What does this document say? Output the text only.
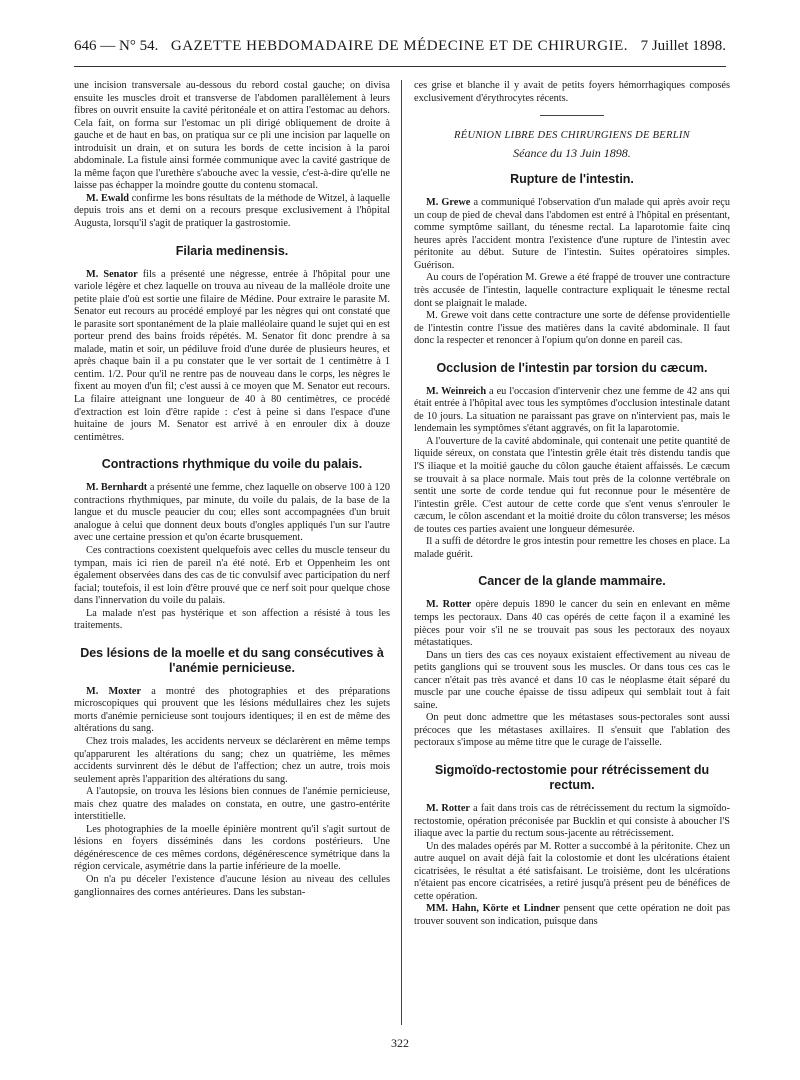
646 — N° 54. GAZETTE HEBDOMADAIRE DE MÉDECINE ET DE CHIRURGIE. 7 Juillet 1898.

une incision transversale au-dessous du rebord costal gauche; on divisa ensuite les muscles droit et transverse de l'abdomen parallèlement à leurs fibres on ouvrit ensuite la cavité péritonéale et on attira l'estomac au dehors. Cela fait, on forma sur l'estomac un pli dirigé obliquement de droite à gauche et de haut en bas, on pratiqua sur ce pli une incision par laquelle on introduisit un drain, et on sutura les bords de cette incision à la paroi abdominale. La fistule ainsi formée communique avec la cavité gastrique de la même façon que l'urethère s'abouche avec la vessie, c'est-à-dire qu'elle ne laisse pas échapper la moindre goutte du contenu stomacal.

M. Ewald confirme les bons résultats de la méthode de Witzel, à laquelle depuis trois ans et demi on a recours presque exclusivement à l'hôpital Augusta, lorsqu'il s'agit de pratiquer la gastrostomie.

Filaria medinensis.

M. Senator fils a présenté une négresse, entrée à l'hôpital pour une variole légère et chez laquelle on trouva au niveau de la malléole droite une petite plaie d'où est sortie une filaire de Médine. Pour extraire le parasite M. Senator eut recours au procédé employé par les nègres qui ont constaté que le parasite sort spontanément de la plaie malléolaire quand le sujet qui en est porteur prend des bains froids répétés. M. Senator fit donc prendre à sa malade, matin et soir, un pédiluve froid d'une durée de plusieurs heures, et après chaque bain il a pu constater que le ver sortait de 1 centimètre à 1 centim. 1/2. Pour qu'il ne rentre pas de nouveau dans le corps, les nègres le fixent au moyen d'un fil; c'est aussi à ce moyen que M. Senator eut recours. La filaire atteignant une longueur de 40 à 80 centimètres, ce procédé d'extraction est loin d'être rapide : c'est à peine si dans l'espace d'une huitaine de jours M. Senator est arrivé à en enrouler dix à douze centimètres.

Contractions rhythmique du voile du palais.

M. Bernhardt a présenté une femme, chez laquelle on observe 100 à 120 contractions rhythmiques, par minute, du voile du palais, de la base de la langue et du muscle peaucier du cou; elles sont accompagnées d'un bruit analogue à celui que donnent deux bouts d'ongles appliqués l'un sur l'autre avec une certaine pression et qu'on écarte brusquement.

Ces contractions coexistent quelquefois avec celles du muscle tenseur du tympan, mais ici rien de pareil n'a été noté. Erb et Oppenheim les ont également observées dans des cas de tic convulsif avec participation du nerf facial; toutefois, il est loin d'être prouvé que ce nerf soit pour quelque chose dans l'innervation du voile du palais.

La malade n'est pas hystérique et son affection a résisté à tous les traitements.

Des lésions de la moelle et du sang consécutives à l'anémie pernicieuse.

M. Moxter a montré des photographies et des préparations microscopiques qui prouvent que les lésions médullaires chez les sujets morts d'anémie pernicieuse sont toujours identiques; il en est de même des altérations du sang.

Chez trois malades, les accidents nerveux se déclarèrent en même temps qu'apparurent les altérations du sang; chez un quatrième, les mêmes accidents survinrent dès le début de l'affection; chez un autre, trois mois seulement après l'apparition des altérations du sang.

A l'autopsie, on trouva les lésions bien connues de l'anémie pernicieuse, mais chez quatre des malades on constata, en outre, une gastro-entérite interstitielle.

Les photographies de la moelle épinière montrent qu'il s'agit surtout de lésions en foyers disséminés dans les cordons postérieurs. Une dégénérescence de ces mêmes cordons, dégénérescence symétrique dans la région cervicale, asymétrie dans la partie inférieure de la moelle.

On n'a pu déceler l'existence d'aucune lésion au niveau des cellules ganglionnaires des cornes antérieures. Dans les substan-

ces grise et blanche il y avait de petits foyers hémorrhagiques composés exclusivement d'érythrocytes récents.

RÉUNION LIBRE DES CHIRURGIENS DE BERLIN
Séance du 13 Juin 1898.
Rupture de l'intestin.

M. Grewe a communiqué l'observation d'un malade qui après avoir reçu un coup de pied de cheval dans l'abdomen est entré à l'hôpital en présentant, comme symptôme saillant, du ténesme rectal. La laparotomie faite cinq heures après l'accident montra l'existence d'une rupture de l'intestin avec péritonite au début. Suture de l'intestin. Suites opératoires simples. Guérison.

Au cours de l'opération M. Grewe a été frappé de trouver une contracture très accusée de l'intestin, laquelle contracture expliquait le ténesme rectal dont se plaignait le malade.

M. Grewe voit dans cette contracture une sorte de défense providentielle de l'intestin contre l'issue des matières dans la cavité abdominale. Il faut donc la respecter et renoncer à l'opium qu'on donne en pareil cas.

Occlusion de l'intestin par torsion du cæcum.

M. Weinreich a eu l'occasion d'intervenir chez une femme de 42 ans qui était entrée à l'hôpital avec tous les symptômes d'occlusion intestinale datant de 10 jours. La situation ne paraissant pas grave on n'intervient pas, mais le lendemain les symptômes s'étant aggravés, on fit la laparotomie.

A l'ouverture de la cavité abdominale, qui contenait une petite quantité de liquide séreux, on constata que l'intestin grêle était très distendu tandis que l'S iliaque et la moitié gauche du côlon gauche étaient affaissés. Le cæcum se trouvait à sa place normale. Mais tout près de la colonne vertébrale on sentit une sorte de corde tendue qui fut reconnue pour le mésentère de l'intestin grêle. C'est autour de cette corde que s'ent venus s'enrouler le cæcum, le côlon ascendant et la moitié droite du côlon transverse; les mésos de toutes ces parties avaient une longueur démesurée.

Il a suffi de détordre le gros intestin pour remettre les choses en place. La malade guérit.

Cancer de la glande mammaire.

M. Rotter opère depuis 1890 le cancer du sein en enlevant en même temps les pectoraux. Dans 40 cas opérés de cette façon il a examiné les pièces pour voir s'il ne se trouvait pas sous les pectoraux des noyaux métastatiques.

Dans un tiers des cas ces noyaux existaient effectivement au niveau de petits ganglions qui se trouvent sous les muscles. Or dans tous ces cas le cancer n'était pas très avancé et dans 10 cas le néoplasme était séparé du muscle par une couche épaisse de tissu adipeux qui semblait tout à fait saine.

On peut donc admettre que les métastases sous-pectorales sont aussi précoces que les métastases axillaires. Il s'ensuit que l'ablation des pectoraux s'impose au même titre que le curage de l'aisselle.

Sigmoïdo-rectostomie pour rétrécissement du rectum.

M. Rotter a fait dans trois cas de rétrécissement du rectum la sigmoïdo-rectostomie, opération préconisée par Bucklin et qui consiste à aboucher l'S iliaque avec la partie du rectum sous-jacente au rétrécissement.

Un des malades opérés par M. Rotter a succombé à la péritonite. Chez un autre auquel on avait déjà fait la colostomie et dont les ulcérations étaient cicatrisées, le résultat a été satisfaisant. Le troisième, dont les ulcérations n'étaient pas encore cicatrisées, a retiré jusqu'à présent peu de bénéfices de cette opération.

MM. Hahn, Körte et Lindner pensent que cette opération ne doit pas trouver souvent son indication, puisque dans

322
